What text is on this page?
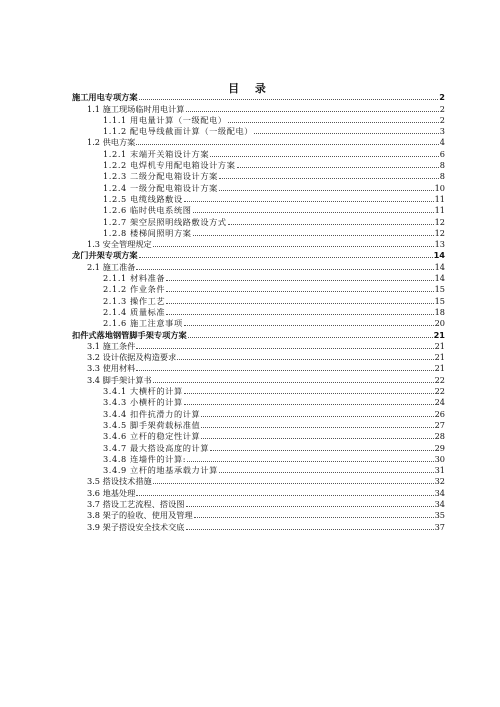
目 录
施工用电专项方案	2
1.1 施工现场临时用电计算	2
1.1.1 用电量计算（一级配电）	2
1.1.2 配电导线截面计算（一级配电）	3
1.2 供电方案	4
1.2.1 末端开关箱设计方案	6
1.2.2 电焊机专用配电箱设计方案	8
1.2.3 二级分配电箱设计方案	8
1.2.4 一级分配电箱设计方案	10
1.2.5 电缆线路敷设	11
1.2.6 临时供电系统图	11
1.2.7 架空层照明线路敷设方式	12
1.2.8 楼梯间照明方案	12
1.3 安全管理规定	13
龙门井架专项方案	14
2.1 施工准备	14
2.1.1 材料准备	14
2.1.2 作业条件	15
2.1.3 操作工艺	15
2.1.4 质量标准	18
2.1.6 施工注意事项	20
扣件式落地钢管脚手架专项方案	21
3.1 施工条件	21
3.2 设计依据及构造要求	21
3.3 使用材料	21
3.4 脚手架计算书	22
3.4.1 大横杆的计算	22
3.4.3 小横杆的计算	24
3.4.4 扣件抗滑力的计算	26
3.4.5 脚手架荷载标准值	27
3.4.6 立杆的稳定性计算	28
3.4.7 最大搭设高度的计算	29
3.4.8 连墙件的计算:	30
3.4.9 立杆的地基承载力计算	31
3.5 搭设技术措施	32
3.6 地基处理	34
3.7 搭设工艺流程、搭设图	34
3.8 架子的验收、使用及管理	35
3.9 架子搭设安全技术交底	37
